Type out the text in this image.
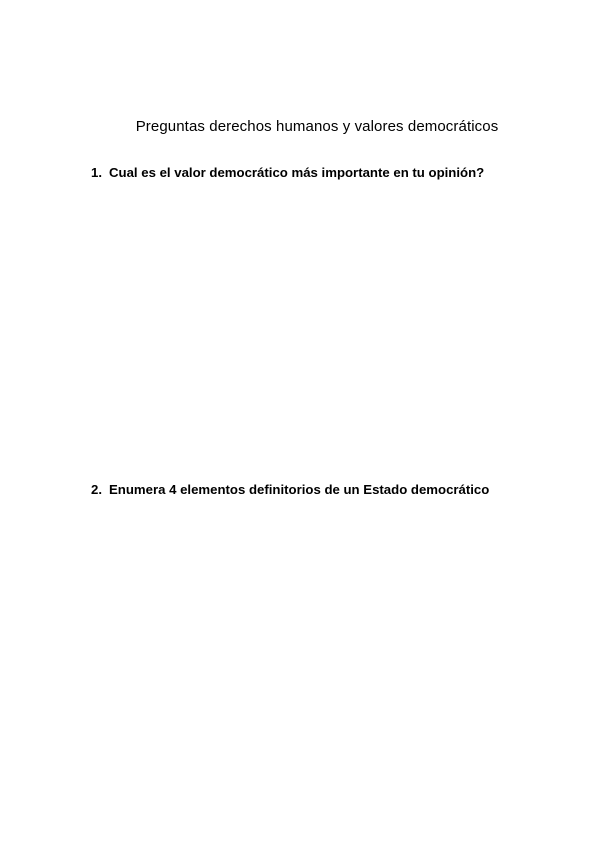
Preguntas derechos humanos y valores democráticos

1. Cual es el valor democrático más importante en tu opinión?

2. Enumera 4 elementos definitorios de un Estado democrático
